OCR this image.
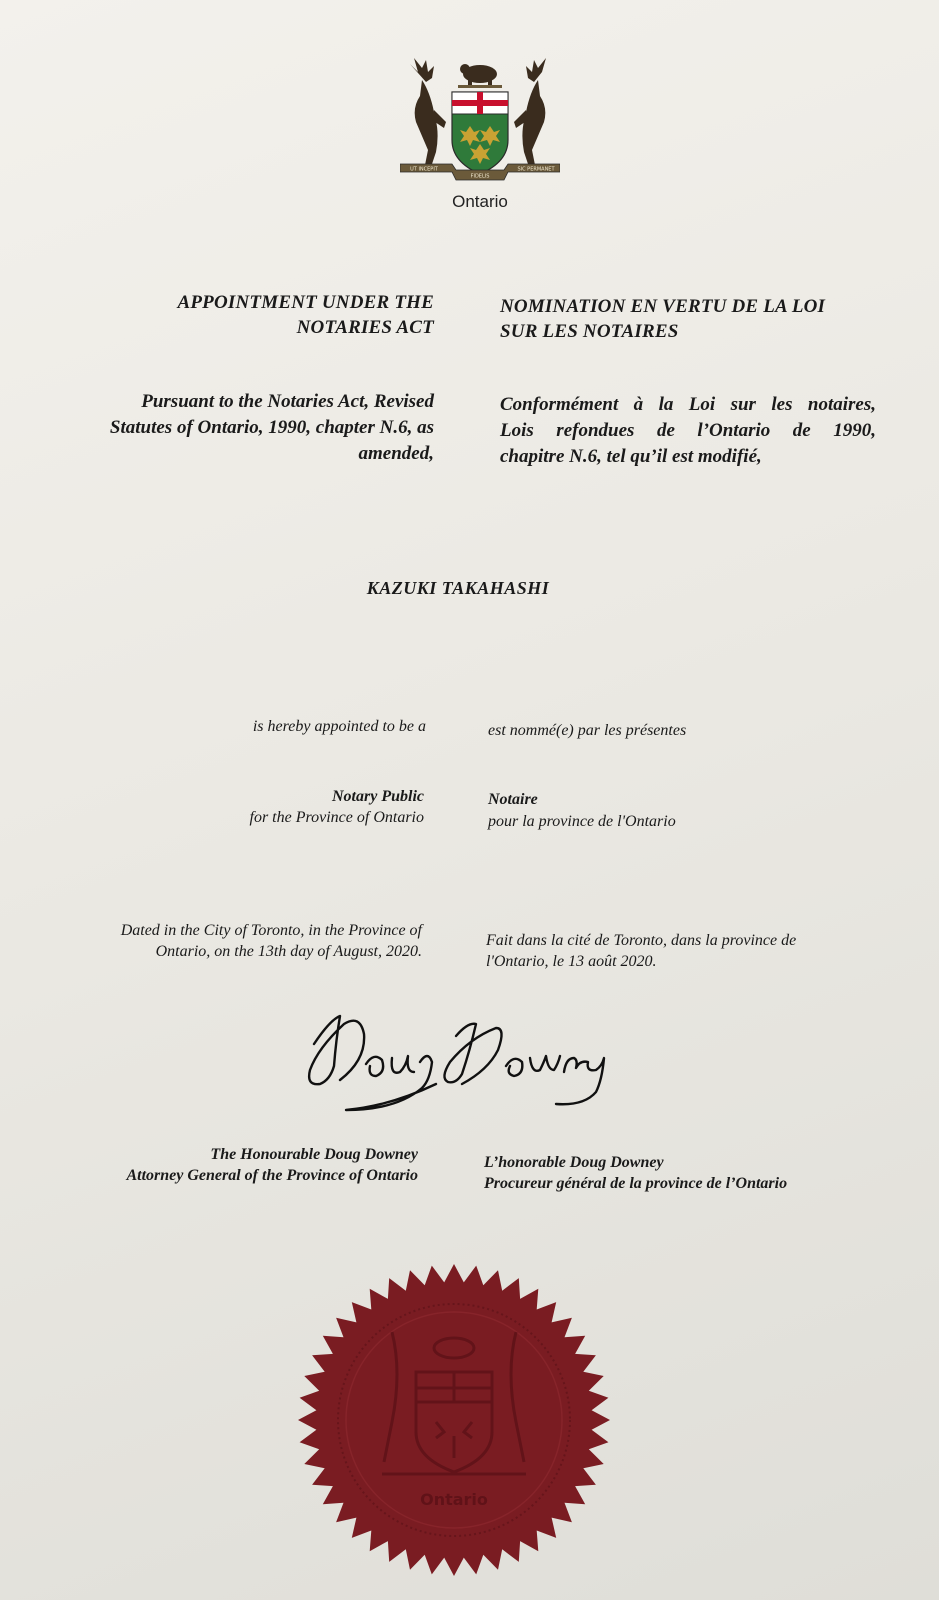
UT INCEPIT
FIDELIS
SIC PERMANET
Ontario
APPOINTMENT UNDER THE
NOTARIES ACT
NOMINATION EN VERTU DE LA LOI
SUR LES NOTAIRES
Pursuant to the Notaries Act, Revised
Statutes of Ontario, 1990, chapter N.6, as
amended,
Conformément à la Loi sur les notaires,
Lois refondues de l’Ontario de 1990,
chapitre N.6, tel qu’il est modifié,
KAZUKI TAKAHASHI
is hereby appointed to be a	est nommé(e) par les présentes
Notary Public
for the Province of Ontario
Notaire
pour la province de l'Ontario
Dated in the City of Toronto, in the Province of
Ontario, on the 13th day of August, 2020.
Fait dans la cité de Toronto, dans la province de
l'Ontario, le 13 août 2020.
The Honourable Doug Downey
Attorney General of the Province of Ontario
L’honorable Doug Downey
Procureur général de la province de l’Ontario
Ontario
